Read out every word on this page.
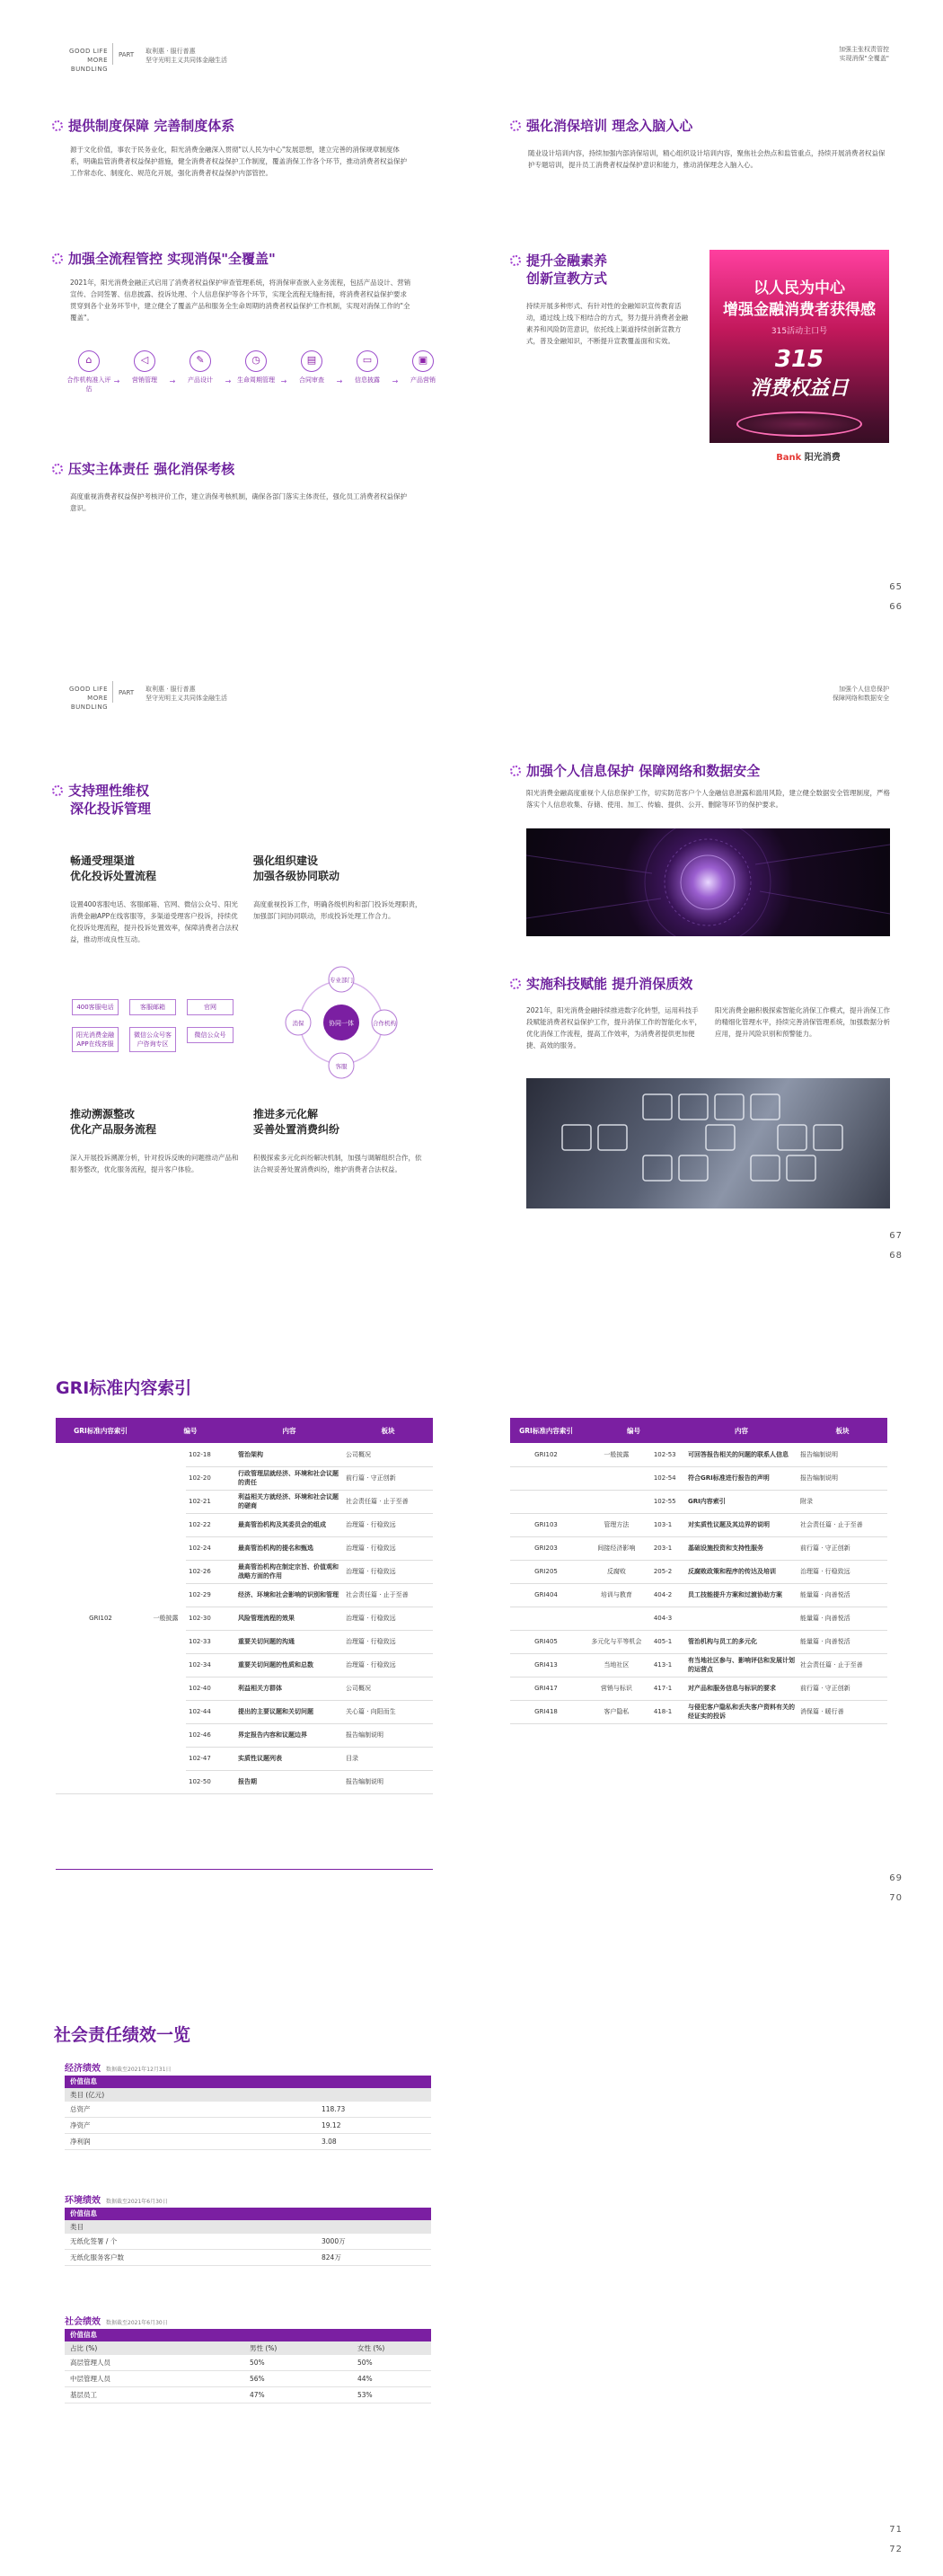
GOOD LIFE
MORE BUNDLING
PART	取利惠 · 服行普惠
坚守光明主义共同体金融生活
加强主张权责管控
实现消保"全覆盖"
提供制度保障 完善制度体系
源于文化价值，事农于民务业化，阳光消费金融深入贯彻"以人民为中心"发展思想，建立完善的消保规章制度体系，明确监管消费者权益保护措施，健全消费者权益保护工作制度，覆盖消保工作各个环节，推动消费者权益保护工作常态化、制度化、规范化开展，强化消费者权益保护内部管控。
加强全流程管控 实现消保"全覆盖"
2021年，阳光消费金融正式启用了消费者权益保护审查管理系统，将消保审查嵌入业务流程，包括产品设计、营销宣传、合同签署、信息披露、投诉处理、个人信息保护等各个环节，实现全流程无缝衔接，将消费者权益保护要求贯穿到各个业务环节中，建立健全了覆盖产品和服务全生命周期的消费者权益保护工作机制，实现对消保工作的"全覆盖"。
⌂
合作机构准入评估
→
◁
营销管理	→
✎
产品设计	→
◷
生命周期管理 →
▤
合同审查	→
▭
信息披露	→
▣
产品营销
压实主体责任 强化消保考核
高度重视消费者权益保护考核评价工作，建立消保考核机制，确保各部门落实主体责任，强化员工消费者权益保护意识。
强化消保培训 理念入脑入心
随业设计培训内容，持续加强内部消保培训，精心组织设计培训内容，聚焦社会热点和监管重点，持续开展消费者权益保护专题培训，提升员工消费者权益保护意识和能力，推动消保理念入脑入心。
提升金融素养
创新宣教方式
持续开展多种形式、有针对性的金融知识宣传教育活动，通过线上线下相结合的方式，努力提升消费者金融素养和风险防范意识，依托线上渠道持续创新宣教方式，普及金融知识，不断提升宣教覆盖面和实效。
以人民为中心
增强金融消费者获得感
315活动主口号
315
消费权益日
Bank 阳光消费
65
66
GOOD LIFE
MORE BUNDLING
PART	取利惠 · 服行普惠
坚守光明主义共同体金融生活
加强个人信息保护
保障网络和数据安全
支持理性维权
深化投诉管理
畅通受理渠道
优化投诉处置流程
设置400客服电话、客服邮箱、官网、微信公众号、阳光消费金融APP在线客服等，多渠道受理客户投诉，持续优化投诉处理流程，提升投诉处置效率，保障消费者合法权益，推动形成良性互动。
400客服电话	客服邮箱	官网
阳光消费金融APP在线客服
微信公众号客户咨询专区
微信公众号
强化组织建设
加强各级协同联动
高度重视投诉工作，明确各级机构和部门投诉处理职责，加强部门间协同联动，形成投诉处理工作合力。
协同一体
专业部门
合作机构
客服
消保
推动溯源整改
优化产品服务流程
深入开展投诉溯源分析，针对投诉反映的问题推动产品和服务整改，优化服务流程，提升客户体验。
推进多元化解
妥善处置消费纠纷
积极探索多元化纠纷解决机制，加强与调解组织合作，依法合规妥善处置消费纠纷，维护消费者合法权益。
加强个人信息保护 保障网络和数据安全
阳光消费金融高度重视个人信息保护工作，切实防范客户个人金融信息泄露和滥用风险，建立健全数据安全管理制度，严格落实个人信息收集、存储、使用、加工、传输、提供、公开、删除等环节的保护要求。
实施科技赋能 提升消保质效
2021年，阳光消费金融持续推进数字化转型，运用科技手段赋能消费者权益保护工作，提升消保工作的智能化水平，优化消保工作流程，提高工作效率，为消费者提供更加便捷、高效的服务。
阳光消费金融积极探索智能化消保工作模式，提升消保工作的精细化管理水平，持续完善消保管理系统，加强数据分析应用，提升风险识别和预警能力。
67
68
GRI标准内容索引
GRI标准内容索引	编号		内容	板块
GRI102	一般披露	102-18	管治架构	公司概况
		102-20	行政管理层就经济、环境和社会议题的责任	前行篇 · 守正创新
		102-21	利益相关方就经济、环境和社会议题的磋商	社会责任篇 · 止于至善
		102-22	最高管治机构及其委员会的组成	治理篇 · 行稳致远
		102-24	最高管治机构的提名和甄选	治理篇 · 行稳致远
		102-26	最高管治机构在制定宗旨、价值观和战略方面的作用	治理篇 · 行稳致远
		102-29	经济、环境和社会影响的识别和管理	社会责任篇 · 止于至善
		102-30	风险管理流程的效果	治理篇 · 行稳致远
		102-33	重要关切问题的沟通	治理篇 · 行稳致远
		102-34	重要关切问题的性质和总数	治理篇 · 行稳致远
		102-40	利益相关方群体	公司概况
		102-44	提出的主要议题和关切问题	关心篇 · 向阳而生
		102-46	界定报告内容和议题边界	报告编制说明
		102-47	实质性议题列表	目录
		102-50	报告期	报告编制说明
GRI标准内容索引	编号		内容	板块
GRI102	一般披露	102-53	可回答报告相关的问题的联系人信息	报告编制说明
		102-54	符合GRI标准进行报告的声明	报告编制说明
		102-55	GRI内容索引	附录
GRI103	管理方法	103-1	对实质性议题及其边界的说明	社会责任篇 · 止于至善
GRI203	间接经济影响	203-1	基础设施投资和支持性服务	前行篇 · 守正创新
GRI205	反腐败	205-2	反腐败政策和程序的传达及培训	治理篇 · 行稳致远
GRI404	培训与教育	404-2	员工技能提升方案和过渡协助方案	能量篇 · 向善悦活
		404-3		能量篇 · 向善悦活
GRI405	多元化与平等机会	405-1	管治机构与员工的多元化	能量篇 · 向善悦活
GRI413	当地社区	413-1	有当地社区参与、影响评估和发展计划的运营点	社会责任篇 · 止于至善
GRI417	营销与标识	417-1	对产品和服务信息与标识的要求	前行篇 · 守正创新
GRI418	客户隐私	418-1	与侵犯客户隐私和丢失客户资料有关的经证实的投诉	消保篇 · 暖行善
69
70
社会责任绩效一览
经济绩效 数据截至2021年12月31日
价值信息
类目 (亿元)
总资产	118.73
净资产	19.12
净利润	3.08
环境绩效 数据截至2021年6月30日
价值信息
类目
无纸化签署 / 个	3000万
无纸化服务客户数	824万
社会绩效 数据截至2021年6月30日
价值信息
占比 (%)	男性 (%)	女性 (%)
高层管理人员	50%	50%
中层管理人员	56%	44%
基层员工	47%	53%
71
72
